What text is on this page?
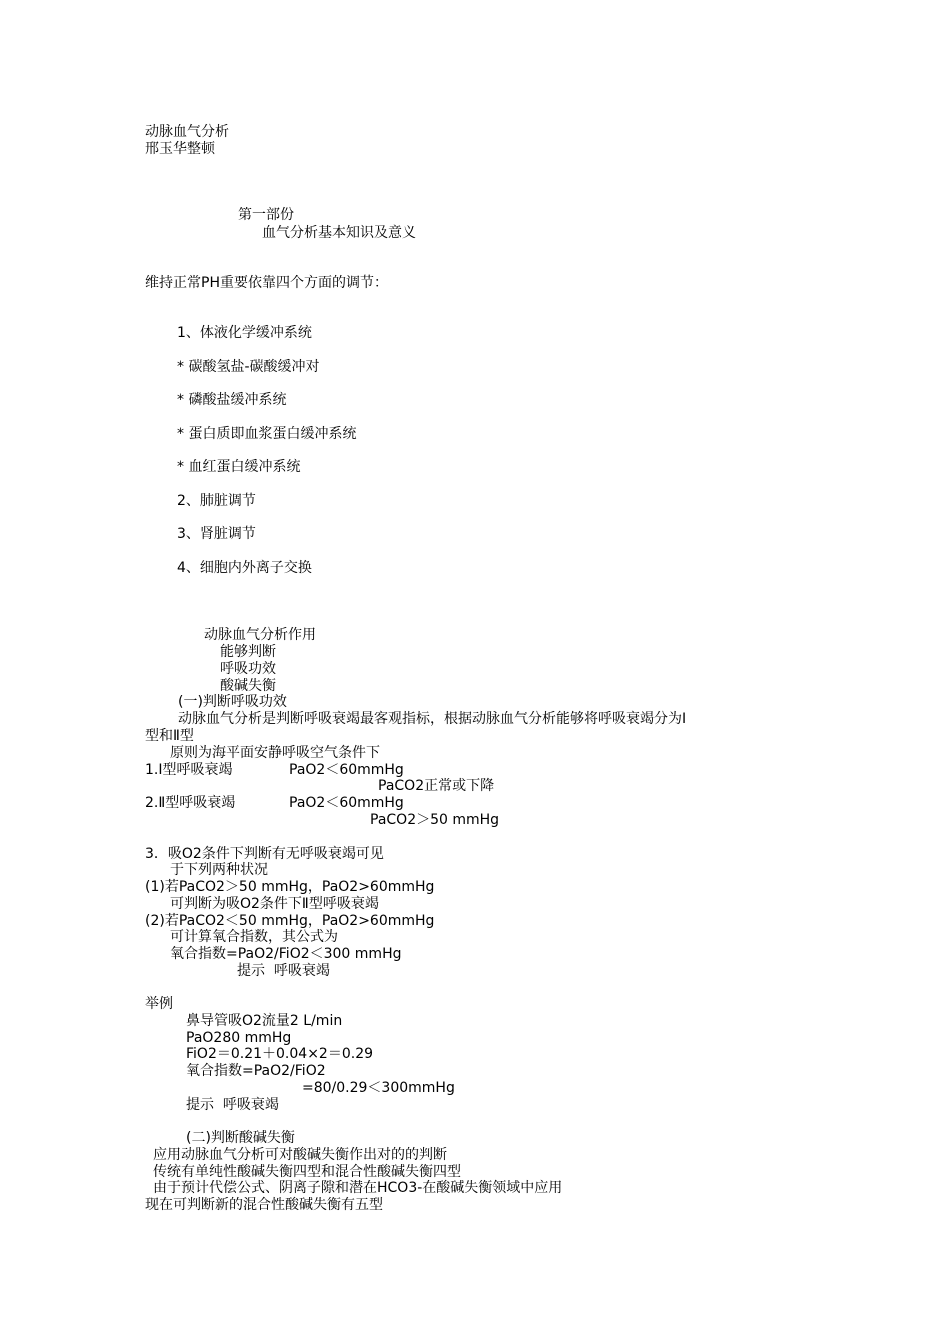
动脉血气分析
邢玉华整顿
第一部份
血气分析基本知识及意义
维持正常PH重要依靠四个方面的调节：
1、体液化学缓冲系统
* 碳酸氢盐-碳酸缓冲对
* 磷酸盐缓冲系统
* 蛋白质即血浆蛋白缓冲系统
* 血红蛋白缓冲系统
2、肺脏调节
3、肾脏调节
4、细胞内外离子交换
动脉血气分析作用
能够判断
呼吸功效
酸碱失衡
(一)判断呼吸功效
动脉血气分析是判断呼吸衰竭最客观指标，根据动脉血气分析能够将呼吸衰竭分为Ⅰ
型和Ⅱ型
原则为海平面安静呼吸空气条件下
1.Ⅰ型呼吸衰竭	PaO2＜60mmHg
PaCO2正常或下降
2.Ⅱ型呼吸衰竭	PaO2＜60mmHg
PaCO2＞50 mmHg
3．吸O2条件下判断有无呼吸衰竭可见
于下列两种状况
(1)若PaCO2＞50 mmHg，PaO2>60mmHg
可判断为吸O2条件下Ⅱ型呼吸衰竭
(2)若PaCO2＜50 mmHg，PaO2>60mmHg
可计算氧合指数，其公式为
氧合指数=PaO2/FiO2＜300 mmHg
提示  呼吸衰竭
举例
鼻导管吸O2流量2 L/min
PaO280 mmHg
FiO2＝0.21＋0.04×2＝0.29
氧合指数=PaO2/FiO2
=80/0.29＜300mmHg
提示  呼吸衰竭
(二)判断酸碱失衡
应用动脉血气分析可对酸碱失衡作出对的的判断
传统有单纯性酸碱失衡四型和混合性酸碱失衡四型
由于预计代偿公式、阴离子隙和潜在HCO3-在酸碱失衡领域中应用
现在可判断新的混合性酸碱失衡有五型
